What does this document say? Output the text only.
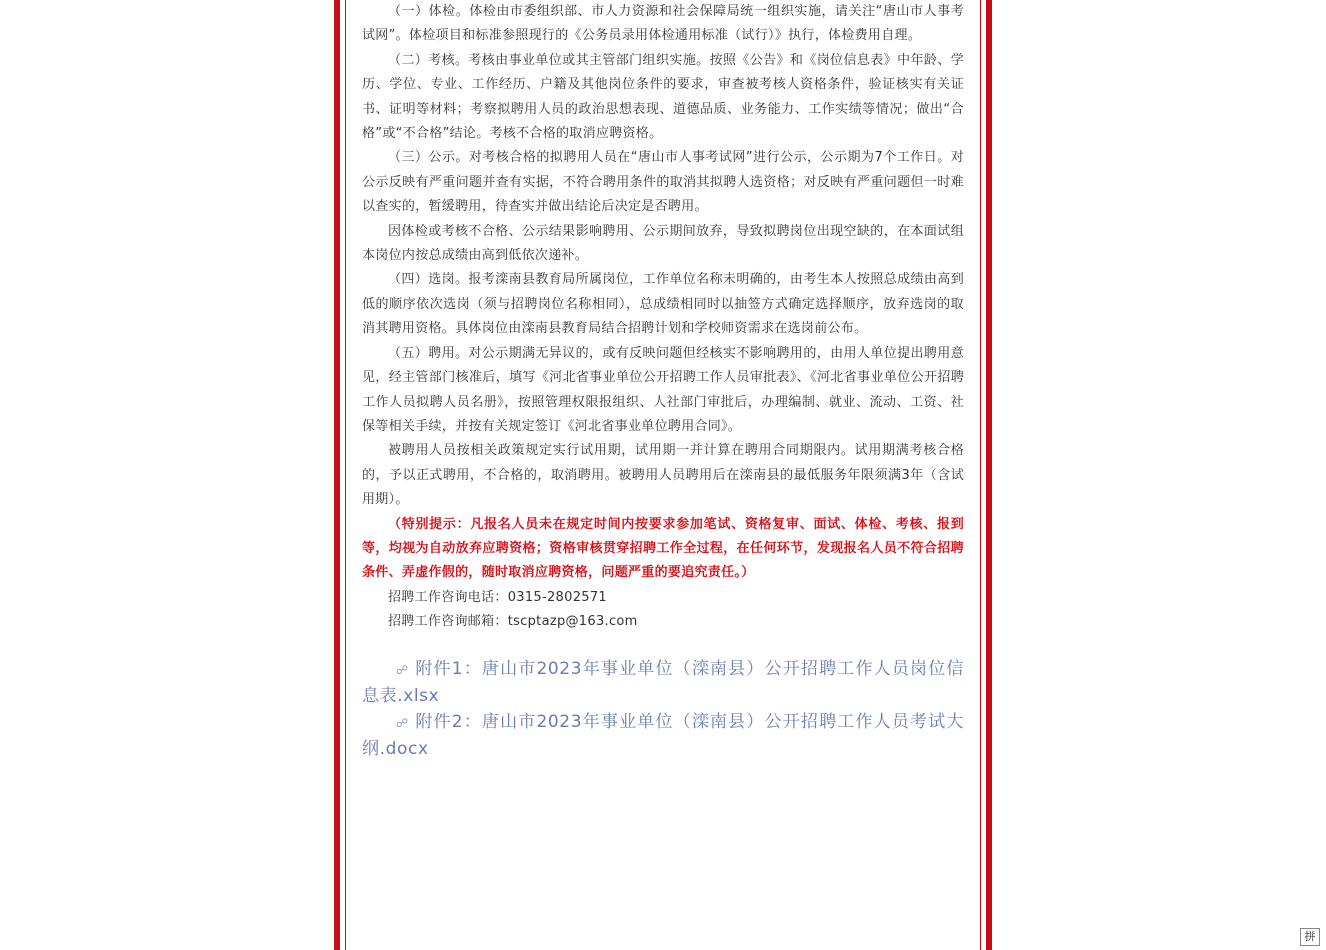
（一）体检。体检由市委组织部、市人力资源和社会保障局统一组织实施，请关注“唐山市人事考试网”。体检项目和标准参照现行的《公务员录用体检通用标准（试行）》执行，体检费用自理。

（二）考核。考核由事业单位或其主管部门组织实施。按照《公告》和《岗位信息表》中年龄、学历、学位、专业、工作经历、户籍及其他岗位条件的要求，审查被考核人资格条件，验证核实有关证书、证明等材料；考察拟聘用人员的政治思想表现、道德品质、业务能力、工作实绩等情况；做出“合格”或“不合格”结论。考核不合格的取消应聘资格。

（三）公示。对考核合格的拟聘用人员在“唐山市人事考试网”进行公示，公示期为7个工作日。对公示反映有严重问题并查有实据，不符合聘用条件的取消其拟聘人选资格；对反映有严重问题但一时难以查实的，暂缓聘用，待查实并做出结论后决定是否聘用。

因体检或考核不合格、公示结果影响聘用、公示期间放弃，导致拟聘岗位出现空缺的，在本面试组本岗位内按总成绩由高到低依次递补。

（四）选岗。报考滦南县教育局所属岗位，工作单位名称未明确的，由考生本人按照总成绩由高到低的顺序依次选岗（须与招聘岗位名称相同），总成绩相同时以抽签方式确定选择顺序，放弃选岗的取消其聘用资格。具体岗位由滦南县教育局结合招聘计划和学校师资需求在选岗前公布。

（五）聘用。对公示期满无异议的，或有反映问题但经核实不影响聘用的，由用人单位提出聘用意见，经主管部门核准后，填写《河北省事业单位公开招聘工作人员审批表》、《河北省事业单位公开招聘工作人员拟聘人员名册》，按照管理权限报组织、人社部门审批后，办理编制、就业、流动、工资、社保等相关手续，并按有关规定签订《河北省事业单位聘用合同》。

被聘用人员按相关政策规定实行试用期，试用期一并计算在聘用合同期限内。试用期满考核合格的，予以正式聘用，不合格的，取消聘用。被聘用人员聘用后在滦南县的最低服务年限须满3年（含试用期）。

（特别提示：凡报名人员未在规定时间内按要求参加笔试、资格复审、面试、体检、考核、报到等，均视为自动放弃应聘资格；资格审核贯穿招聘工作全过程，在任何环节，发现报名人员不符合招聘条件、弄虚作假的，随时取消应聘资格，问题严重的要追究责任。）

招聘工作咨询电话：0315-2802571

招聘工作咨询邮箱：tscptazp@163.com

☍ 附件1：唐山市2023年事业单位（滦南县）公开招聘工作人员岗位信息表.xlsx

☍ 附件2：唐山市2023年事业单位（滦南县）公开招聘工作人员考试大纲.docx

拼
